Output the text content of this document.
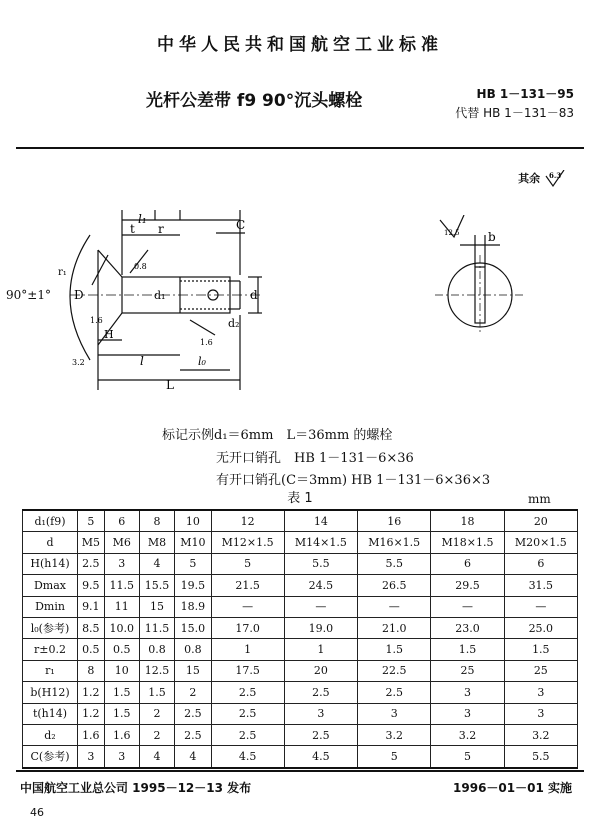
中华人民共和国航空工业标准
光杆公差带 f9 90°沉头螺栓	HB 1－131－95
代替 HB 1－131－83
其余 6.3
l₁
t r	C
D
r₁
d₁	d
d₂
H
l	l₀
L
0.8
1.6
3.2
1.6
90°±1°
12.5 b
标记示例d₁＝6mm　L＝36mm 的螺栓
无开口销孔　HB 1－131－6×36
有开口销孔(C＝3mm) HB 1－131－6×36×3
表 1	mm
d₁(f9)	5	6	8	10	12	14	16	18	20
d	M5	M6	M8	M10	M12×1.5	M14×1.5	M16×1.5	M18×1.5	M20×1.5
H(h14)	2.5	3	4	5	5	5.5	5.5	6	6
Dmax	9.5	11.5	15.5	19.5	21.5	24.5	26.5	29.5	31.5
Dmin	9.1	11	15	18.9	—	—	—	—	—
l₀(参考)	8.5	10.0	11.5	15.0	17.0	19.0	21.0	23.0	25.0
r±0.2	0.5	0.5	0.8	0.8	1	1	1.5	1.5	1.5
r₁	8	10	12.5	15	17.5	20	22.5	25	25
b(H12)	1.2	1.5	1.5	2	2.5	2.5	2.5	3	3
t(h14)	1.2	1.5	2	2.5	2.5	3	3	3	3
d₂	1.6	1.6	2	2.5	2.5	2.5	3.2	3.2	3.2
C(参考)	3	3	4	4	4.5	4.5	5	5	5.5
中国航空工业总公司 1995－12－13 发布	1996－01－01 实施
46
